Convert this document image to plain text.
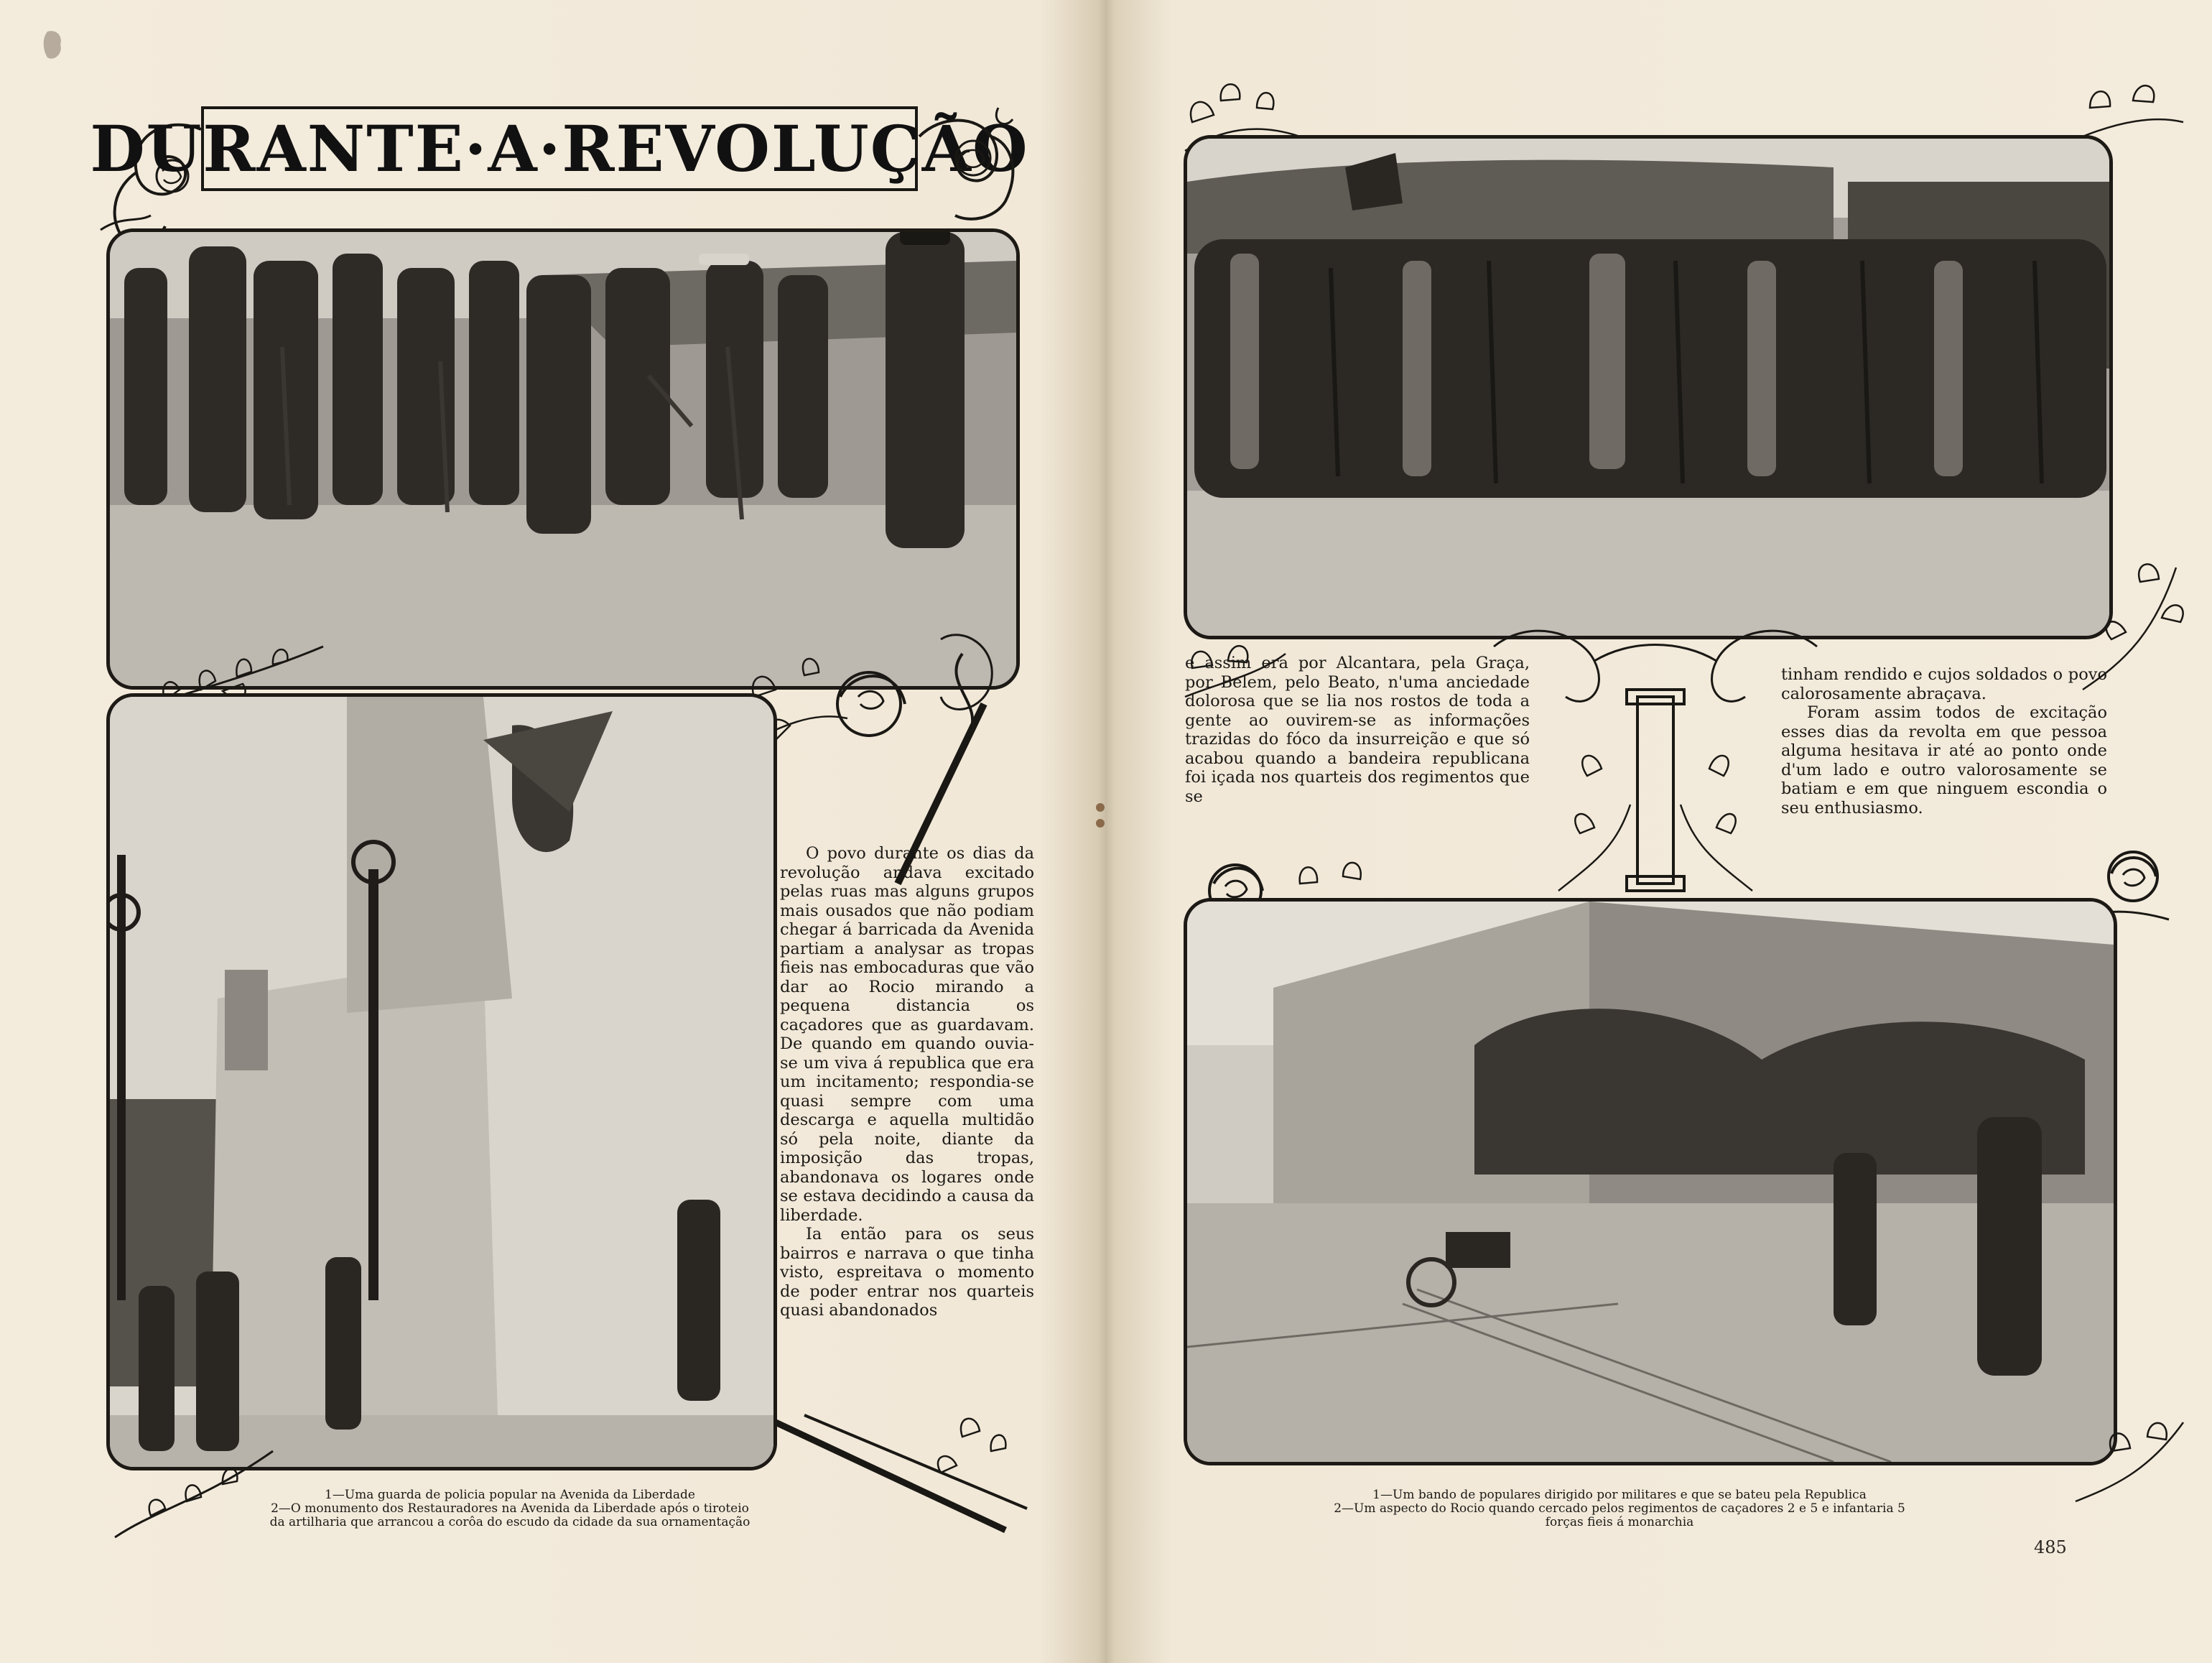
DURANTE·A·REVOLUÇÃO

O povo durante os dias da revolução andava excitado pelas ruas mas alguns grupos mais ousados que não podiam chegar á barricada da Avenida partiam a analysar as tropas fieis nas embocaduras que vão dar ao Rocio mirando a pequena distancia os caçadores que as guardavam. De quando em quando ouvia-se um viva á republica que era um incitamento; respondia-se quasi sempre com uma descarga e aquella multidão só pela noite, diante da imposição das tropas, abandonava os logares onde se estava decidindo a causa da liberdade.

Ia então para os seus bairros e narrava o que tinha visto, espreitava o momento de poder entrar nos quarteis quasi abandonados

1—Uma guarda de policia popular na Avenida da Liberdade

2—O monumento dos Restauradores na Avenida da Liberdade após o tiroteio

da artilharia que arrancou a corôa do escudo da cidade da sua ornamentação

e assim era por Alcantara, pela Graça, por Belem, pelo Beato, n'uma anciedade dolorosa que se lia nos rostos de toda a gente ao ouvirem-se as informações trazidas do fóco da insurreição e que só acabou quando a bandeira republicana foi içada nos quarteis dos regimentos que se

tinham rendido e cujos soldados o povo calorosamente abraçava.

Foram assim todos de excitação esses dias da revolta em que pessoa alguma hesitava ir até ao ponto onde d'um lado e outro valorosamente se batiam e em que ninguem escondia o seu enthusiasmo.

1—Um bando de populares dirigido por militares e que se bateu pela Republica

2—Um aspecto do Rocio quando cercado pelos regimentos de caçadores 2 e 5 e infantaria 5

forças fieis á monarchia

485
